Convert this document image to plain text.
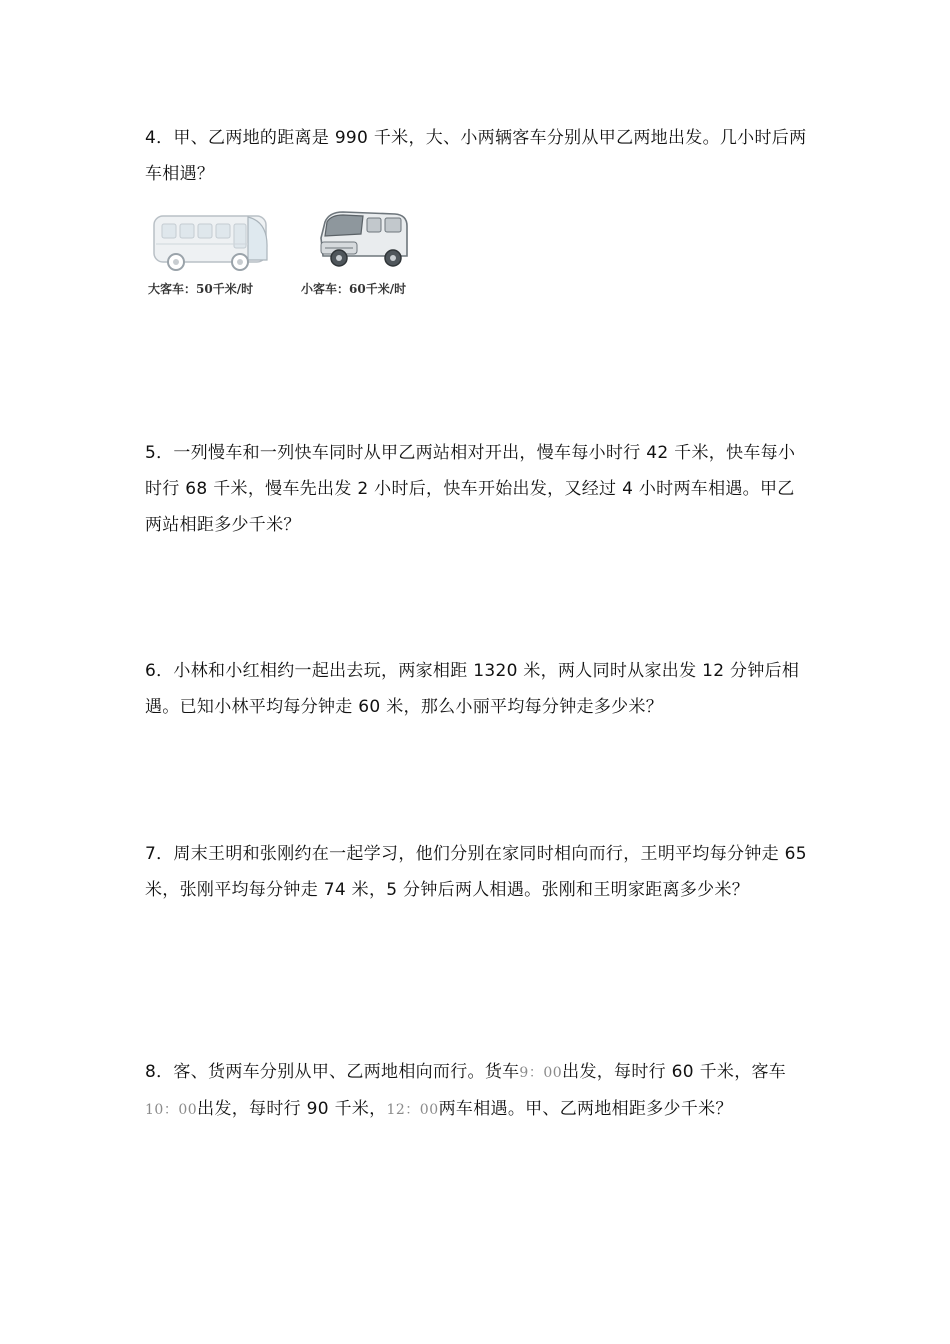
4．甲、乙两地的距离是 990 千米，大、小两辆客车分别从甲乙两地出发。几小时后两车相遇？
大客车：50千米/时	小客车：60千米/时
5．一列慢车和一列快车同时从甲乙两站相对开出，慢车每小时行 42 千米，快车每小时行 68 千米，慢车先出发 2 小时后，快车开始出发，又经过 4 小时两车相遇。甲乙两站相距多少千米？
6．小林和小红相约一起出去玩，两家相距 1320 米，两人同时从家出发 12 分钟后相遇。已知小林平均每分钟走 60 米，那么小丽平均每分钟走多少米？
7．周末王明和张刚约在一起学习，他们分别在家同时相向而行，王明平均每分钟走 65 米，张刚平均每分钟走 74 米，5 分钟后两人相遇。张刚和王明家距离多少米？
8．客、货两车分别从甲、乙两地相向而行。货车9：00出发，每时行 60 千米，客车10：00出发，每时行 90 千米，12：00两车相遇。甲、乙两地相距多少千米？
